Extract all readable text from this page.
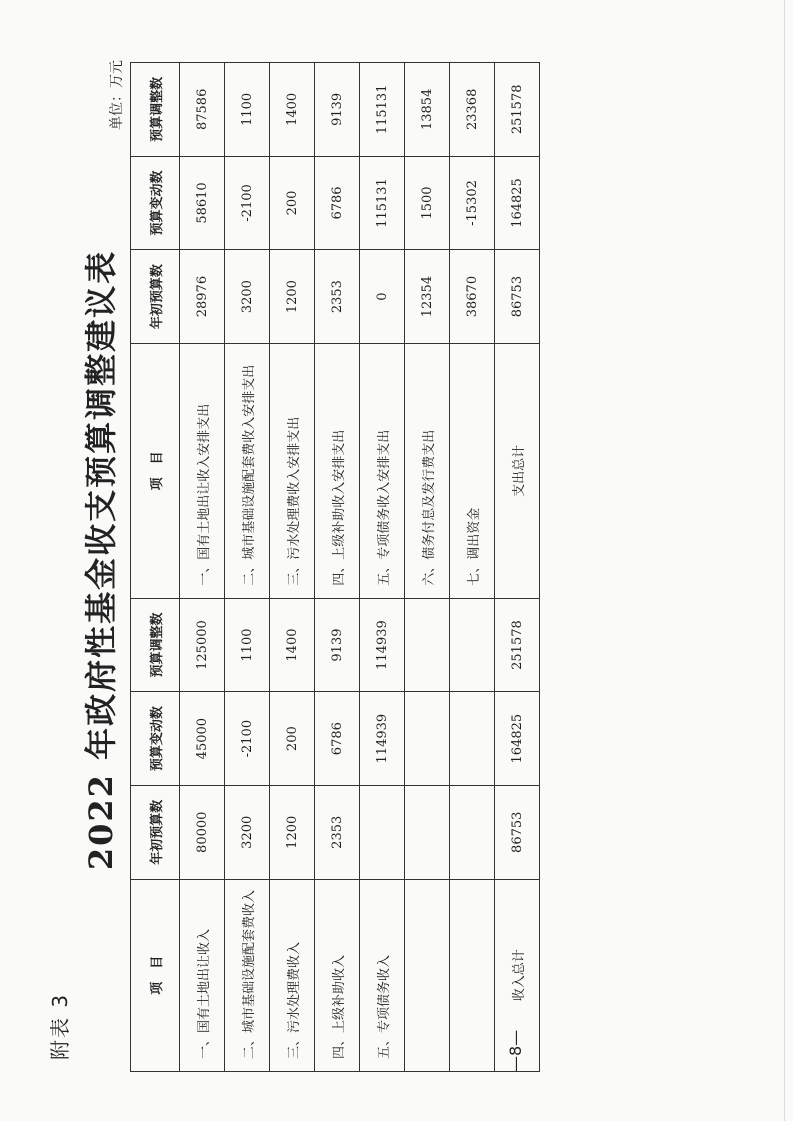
附表 3
2022 年政府性基金收支预算调整建议表
单位：万元
项　目	年初预算数	预算变动数	预算调整数	项　目	年初预算数	预算变动数	预算调整数
一、国有土地出让收入	80000	45000	125000	一、国有土地出让收入安排支出	28976	58610	87586
二、城市基础设施配套费收入	3200	-2100	1100	二、城市基础设施配套费收入安排支出	3200	-2100	1100
三、污水处理费收入	1200	200	1400	三、污水处理费收入安排支出	1200	200	1400
四、上级补助收入	2353	6786	9139	四、上级补助收入安排支出	2353	6786	9139
五、专项债务收入		114939	114939	五、专项债务收入安排支出	0	115131	115131
				六、债务付息及发行费支出	12354	1500	13854
				七、调出资金	38670	-15302	23368
收入总计	86753	164825	251578	支出总计	86753	164825	251578
—8—
